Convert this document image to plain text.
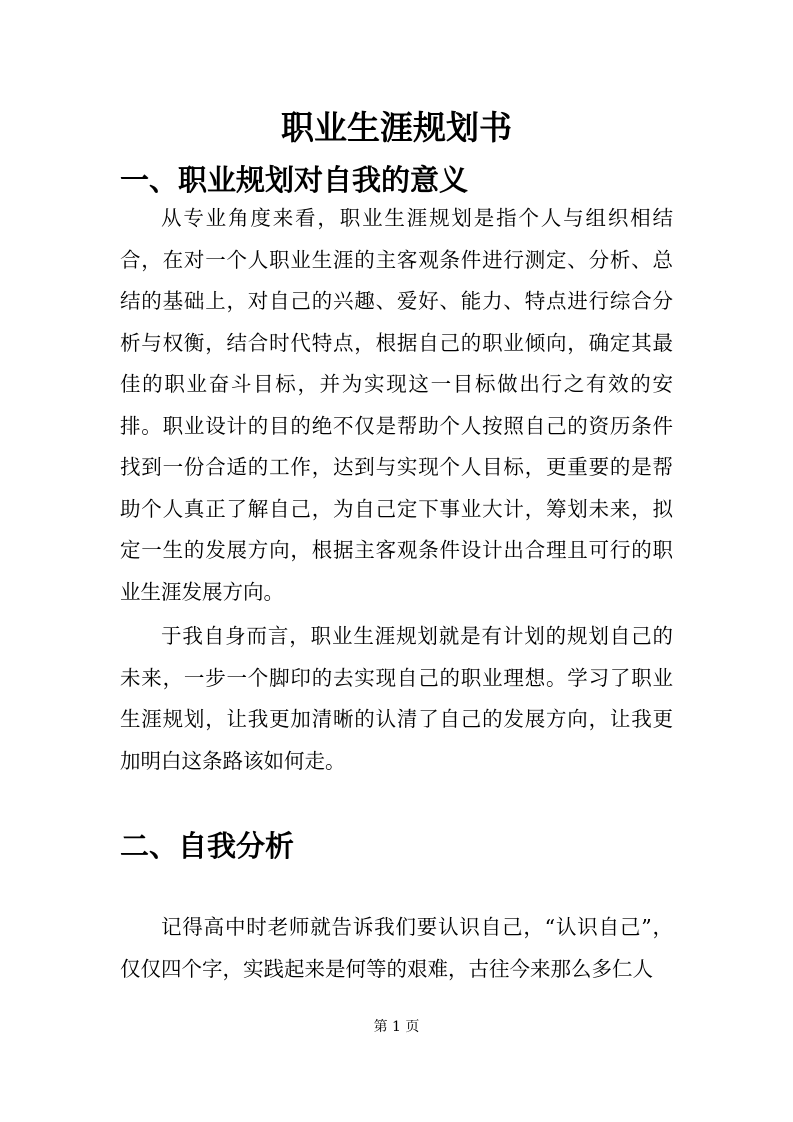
职业生涯规划书
一、职业规划对自我的意义

从专业角度来看，职业生涯规划是指个人与组织相结合，在对一个人职业生涯的主客观条件进行测定、分析、总结的基础上，对自己的兴趣、爱好、能力、特点进行综合分析与权衡，结合时代特点，根据自己的职业倾向，确定其最佳的职业奋斗目标，并为实现这一目标做出行之有效的安排。职业设计的目的绝不仅是帮助个人按照自己的资历条件找到一份合适的工作，达到与实现个人目标，更重要的是帮助个人真正了解自己，为自己定下事业大计，筹划未来，拟定一生的发展方向，根据主客观条件设计出合理且可行的职业生涯发展方向。

于我自身而言，职业生涯规划就是有计划的规划自己的未来，一步一个脚印的去实现自己的职业理想。学习了职业生涯规划，让我更加清晰的认清了自己的发展方向，让我更加明白这条路该如何走。

二、自我分析

记得高中时老师就告诉我们要认识自己，“认识自己”，仅仅四个字，实践起来是何等的艰难，古往今来那么多仁人

第 1 页
